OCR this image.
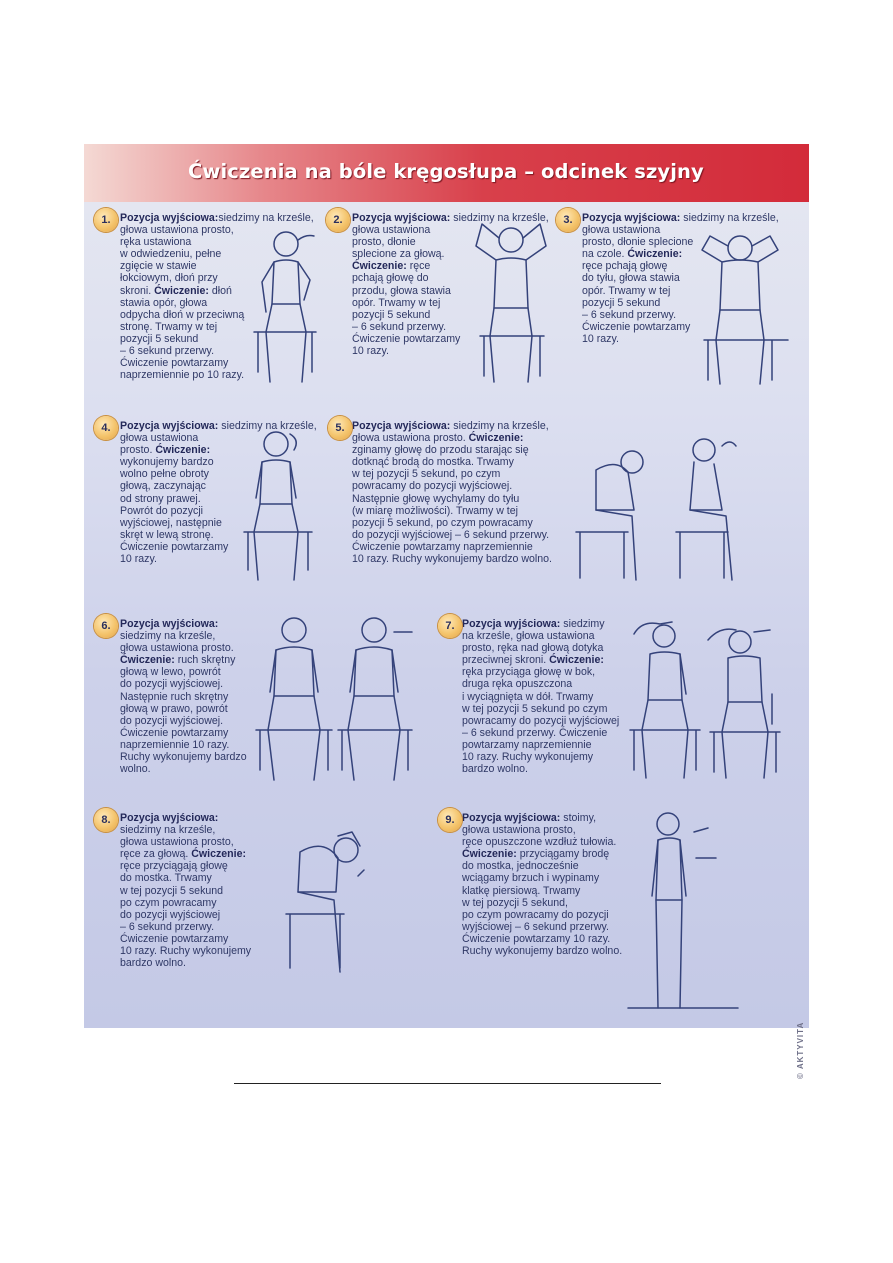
Ćwiczenia na bóle kręgosłupa – odcinek szyjny
1. Pozycja wyjściowa:siedzimy na krześle,
głowa ustawiona prosto,
ręka ustawiona
w odwiedzeniu, pełne
zgięcie w stawie
łokciowym, dłoń przy
skroni. Ćwiczenie: dłoń
stawia opór, głowa
odpycha dłoń w przeciwną
stronę. Trwamy w tej
pozycji 5 sekund
– 6 sekund przerwy.
Ćwiczenie powtarzamy
naprzemiennie po 10 razy.
2. Pozycja wyjściowa: siedzimy na krześle,
głowa ustawiona
prosto, dłonie
splecione za głową.
Ćwiczenie: ręce
pchają głowę do
przodu, głowa stawia
opór. Trwamy w tej
pozycji 5 sekund
– 6 sekund przerwy.
Ćwiczenie powtarzamy
10 razy.
3. Pozycja wyjściowa: siedzimy na krześle,
głowa ustawiona
prosto, dłonie splecione
na czole. Ćwiczenie:
ręce pchają głowę
do tyłu, głowa stawia
opór. Trwamy w tej
pozycji 5 sekund
– 6 sekund przerwy.
Ćwiczenie powtarzamy
10 razy.
4. Pozycja wyjściowa: siedzimy na krześle,
głowa ustawiona
prosto. Ćwiczenie:
wykonujemy bardzo
wolno pełne obroty
głową, zaczynając
od strony prawej.
Powrót do pozycji
wyjściowej, następnie
skręt w lewą stronę.
Ćwiczenie powtarzamy
10 razy.
5. Pozycja wyjściowa: siedzimy na krześle,
głowa ustawiona prosto. Ćwiczenie:
zginamy głowę do przodu starając się
dotknąć brodą do mostka. Trwamy
w tej pozycji 5 sekund, po czym
powracamy do pozycji wyjściowej.
Następnie głowę wychylamy do tyłu
(w miarę możliwości). Trwamy w tej
pozycji 5 sekund, po czym powracamy
do pozycji wyjściowej – 6 sekund przerwy.
Ćwiczenie powtarzamy naprzemiennie
10 razy. Ruchy wykonujemy bardzo wolno.
6. Pozycja wyjściowa:
siedzimy na krześle,
głowa ustawiona prosto.
Ćwiczenie: ruch skrętny
głową w lewo, powrót
do pozycji wyjściowej.
Następnie ruch skrętny
głową w prawo, powrót
do pozycji wyjściowej.
Ćwiczenie powtarzamy
naprzemiennie 10 razy.
Ruchy wykonujemy bardzo
wolno.
7. Pozycja wyjściowa: siedzimy
na krześle, głowa ustawiona
prosto, ręka nad głową dotyka
przeciwnej skroni. Ćwiczenie:
ręka przyciąga głowę w bok,
druga ręka opuszczona
i wyciągnięta w dół. Trwamy
w tej pozycji 5 sekund po czym
powracamy do pozycji wyjściowej
– 6 sekund przerwy. Ćwiczenie
powtarzamy naprzemiennie
10 razy. Ruchy wykonujemy
bardzo wolno.
8. Pozycja wyjściowa:
siedzimy na krześle,
głowa ustawiona prosto,
ręce za głową. Ćwiczenie:
ręce przyciągają głowę
do mostka. Trwamy
w tej pozycji 5 sekund
po czym powracamy
do pozycji wyjściowej
– 6 sekund przerwy.
Ćwiczenie powtarzamy
10 razy. Ruchy wykonujemy
bardzo wolno.
9. Pozycja wyjściowa: stoimy,
głowa ustawiona prosto,
ręce opuszczone wzdłuż tułowia.
Ćwiczenie: przyciągamy brodę
do mostka, jednocześnie
wciągamy brzuch i wypinamy
klatkę piersiową. Trwamy
w tej pozycji 5 sekund,
po czym powracamy do pozycji
wyjściowej – 6 sekund przerwy.
Ćwiczenie powtarzamy 10 razy.
Ruchy wykonujemy bardzo wolno.
© AKTYVITA
